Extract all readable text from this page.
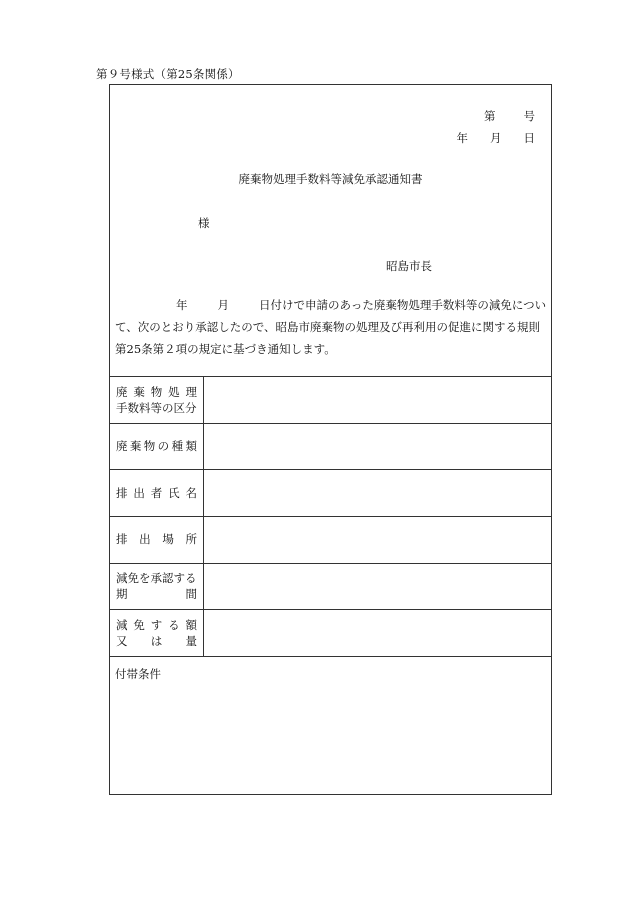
第９号様式（第25条関係）
第 号
年 月 日
廃棄物処理手数料等減免承認通知書
様
昭島市長
年	月	日付けで申請のあった廃棄物処理手数料等の減免につい
て、次のとおり承認したので、昭島市廃棄物の処理及び再利用の促進に関する規則
第25条第２項の規定に基づき通知します。
廃 棄 物 処 理
手数料等の区分
廃 棄 物 の 種 類
排 出 者 氏 名
排 出 場 所
減免を承認する
期	間
減 免 す る 額
又 は 量
付帯条件
